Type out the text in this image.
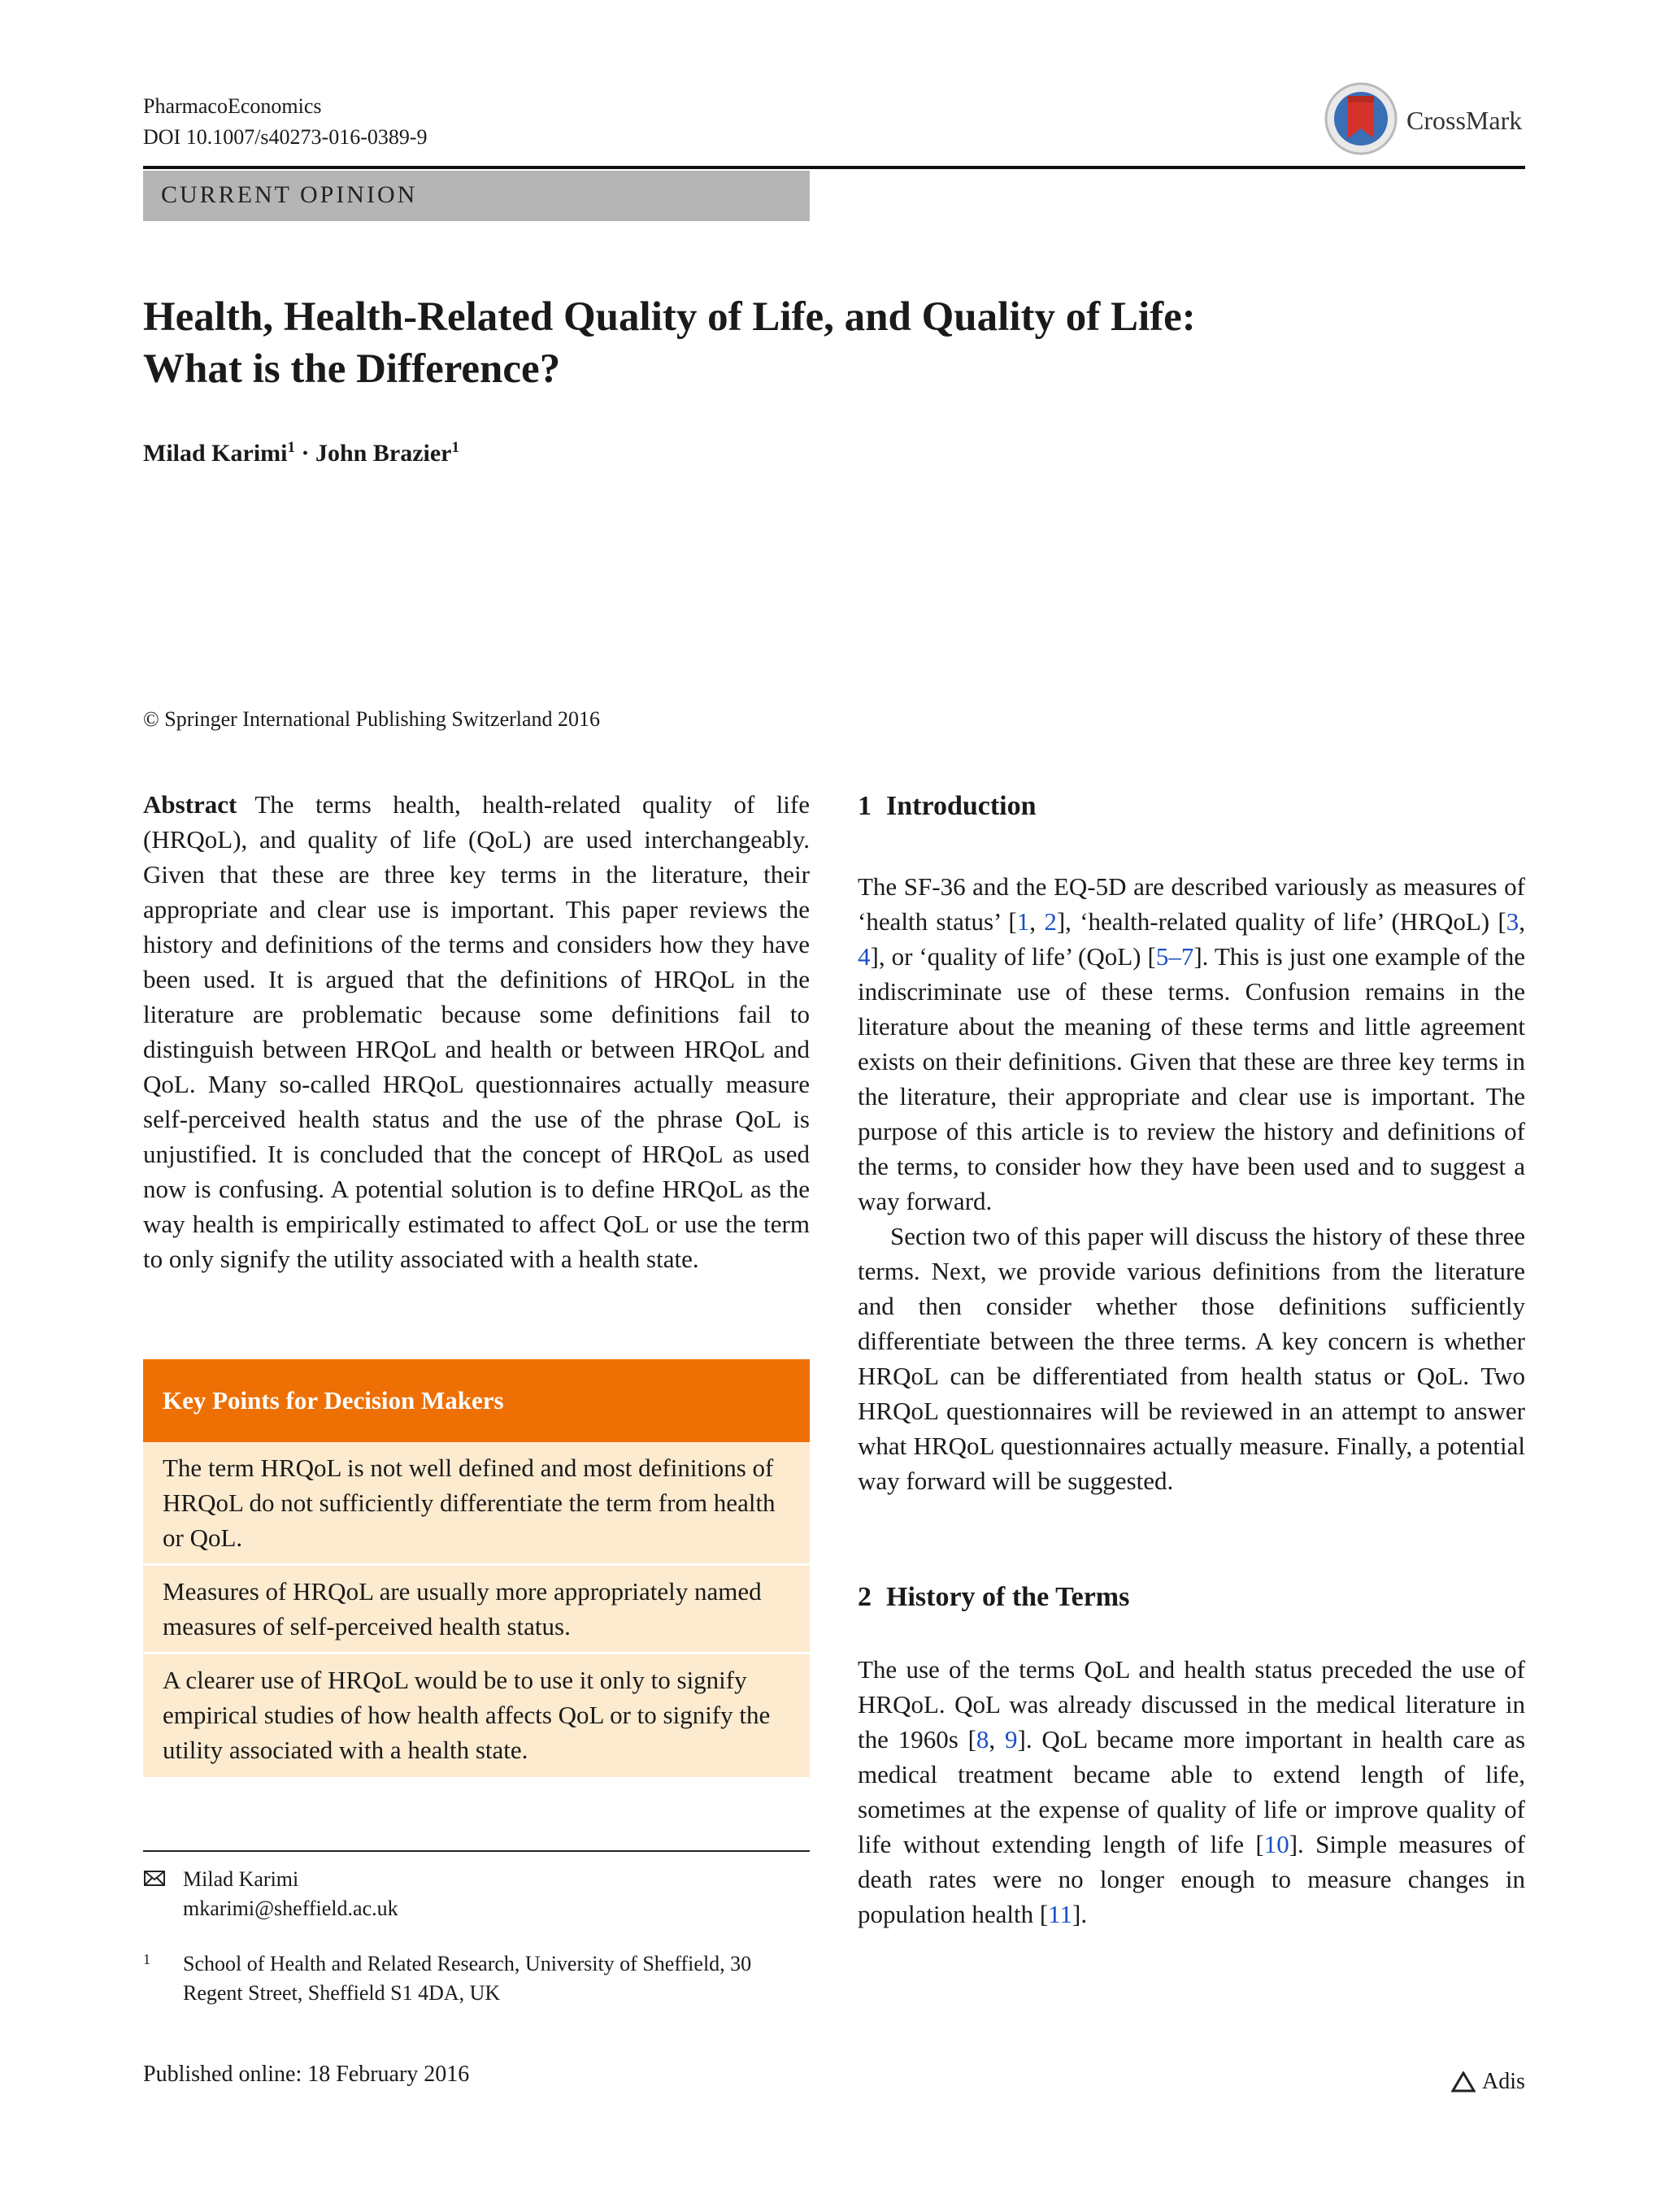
PharmacoEconomics
DOI 10.1007/s40273-016-0389-9
CrossMark
CURRENT OPINION
Health, Health-Related Quality of Life, and Quality of Life:
What is the Difference?
Milad Karimi$^1$ · John Brazier$^1$
© Springer International Publishing Switzerland 2016

Abstract The terms health, health-related quality of life (HRQoL), and quality of life (QoL) are used interchangeably. Given that these are three key terms in the literature, their appropriate and clear use is important. This paper reviews the history and definitions of the terms and considers how they have been used. It is argued that the definitions of HRQoL in the literature are problematic because some definitions fail to distinguish between HRQoL and health or between HRQoL and QoL. Many so-called HRQoL questionnaires actually measure self-perceived health status and the use of the phrase QoL is unjustified. It is concluded that the concept of HRQoL as used now is confusing. A potential solution is to define HRQoL as the way health is empirically estimated to affect QoL or use the term to only signify the utility associated with a health state.

Key Points for Decision Makers
The term HRQoL is not well defined and most definitions of HRQoL do not sufficiently differentiate the term from health or QoL.
Measures of HRQoL are usually more appropriately named measures of self-perceived health status.
A clearer use of HRQoL would be to use it only to signify empirical studies of how health affects QoL or to signify the utility associated with a health state.
Milad Karimi
mkarimi@sheffield.ac.uk
1	School of Health and Related Research, University of Sheffield, 30 Regent Street, Sheffield S1 4DA, UK
1 Introduction

The SF-36 and the EQ-5D are described variously as measures of ‘health status’ [1, 2], ‘health-related quality of life’ (HRQoL) [3, 4], or ‘quality of life’ (QoL) [5–7]. This is just one example of the indiscriminate use of these terms. Confusion remains in the literature about the meaning of these terms and little agreement exists on their definitions. Given that these are three key terms in the literature, their appropriate and clear use is important. The purpose of this article is to review the history and definitions of the terms, to consider how they have been used and to suggest a way forward.

Section two of this paper will discuss the history of these three terms. Next, we provide various definitions from the literature and then consider whether those definitions sufficiently differentiate between the three terms. A key concern is whether HRQoL can be differentiated from health status or QoL. Two HRQoL questionnaires will be reviewed in an attempt to answer what HRQoL questionnaires actually measure. Finally, a potential way forward will be suggested.

2 History of the Terms

The use of the terms QoL and health status preceded the use of HRQoL. QoL was already discussed in the medical literature in the 1960s [8, 9]. QoL became more important in health care as medical treatment became able to extend length of life, sometimes at the expense of quality of life or improve quality of life without extending length of life [10]. Simple measures of death rates were no longer enough to measure changes in population health [11].

Published online: 18 February 2016	Adis
